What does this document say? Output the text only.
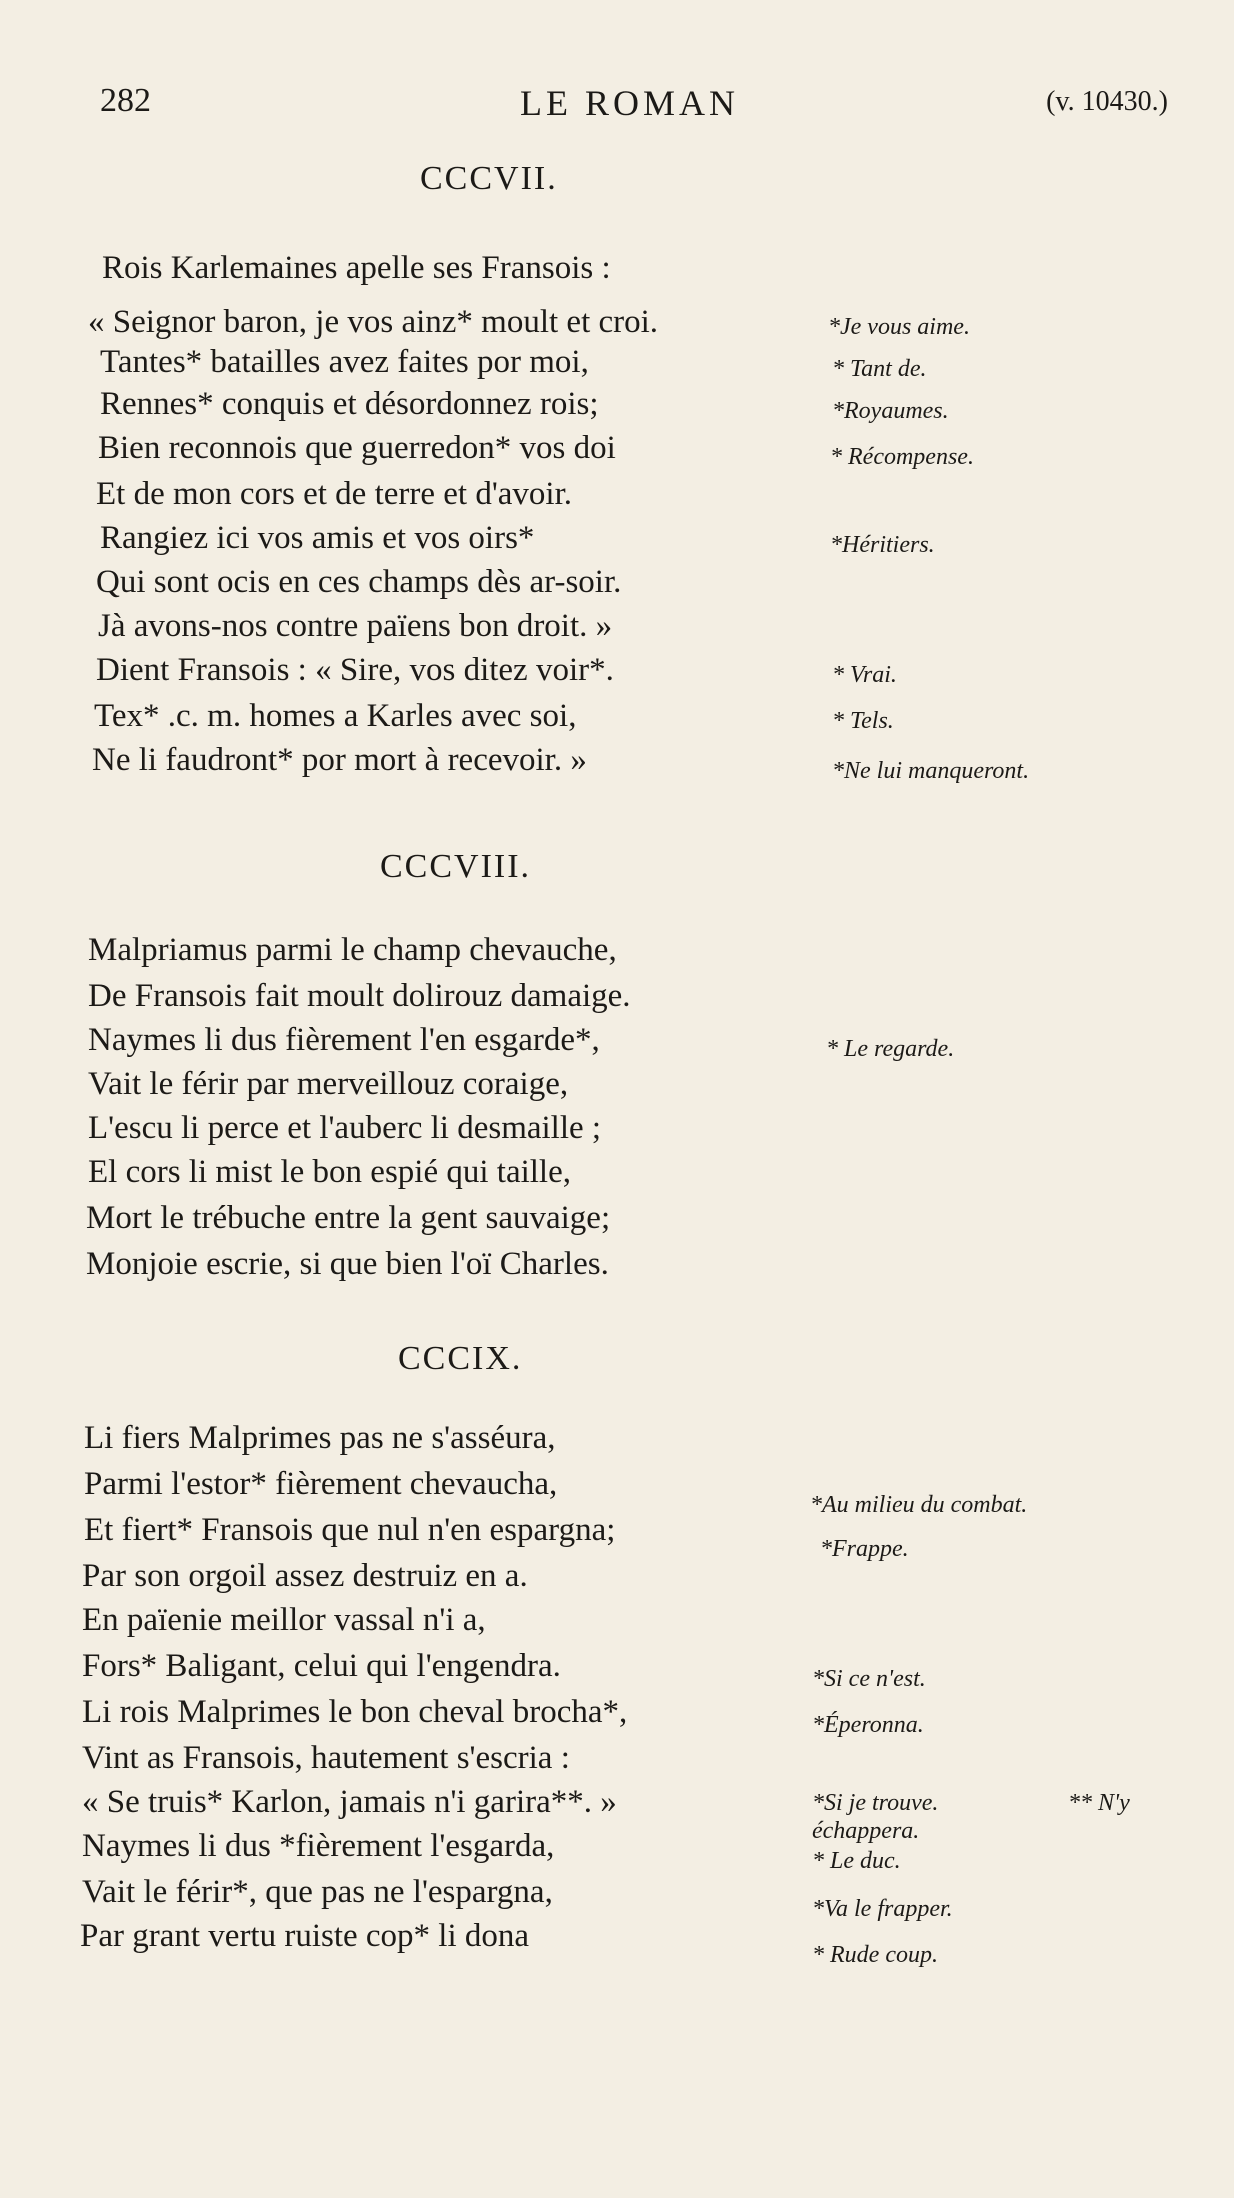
282	LE ROMAN	(v. 10430.)
CCCVII.
Rois Karlemaines apelle ses Fransois :
« Seignor baron, je vos ainz* moult et croi.
Tantes* batailles avez faites por moi,
Rennes* conquis et désordonnez rois;
Bien reconnois que guerredon* vos doi
Et de mon cors et de terre et d'avoir.
Rangiez ici vos amis et vos oirs*
Qui sont ocis en ces champs dès ar-soir.
Jà avons-nos contre païens bon droit. »
Dient Fransois : « Sire, vos ditez voir*.
Tex* .c. m. homes a Karles avec soi,
Ne li faudront* por mort à recevoir. »
*Je vous aime.
* Tant de.
*Royaumes.
* Récompense.
*Héritiers.
* Vrai.
* Tels.
*Ne lui manqueront.
CCCVIII.
Malpriamus parmi le champ chevauche,
De Fransois fait moult dolirouz damaige.
Naymes li dus fièrement l'en esgarde*,
Vait le férir par merveillouz coraige,
L'escu li perce et l'auberc li desmaille ;
El cors li mist le bon espié qui taille,
Mort le trébuche entre la gent sauvaige;
Monjoie escrie, si que bien l'oï Charles.
* Le regarde.
CCCIX.
Li fiers Malprimes pas ne s'asséura,
Parmi l'estor* fièrement chevaucha,
Et fiert* Fransois que nul n'en espargna;
Par son orgoil assez destruiz en a.
En païenie meillor vassal n'i a,
Fors* Baligant, celui qui l'engendra.
Li rois Malprimes le bon cheval brocha*,
Vint as Fransois, hautement s'escria :
« Se truis* Karlon, jamais n'i garira**. »
Naymes li dus *fièrement l'esgarda,
Vait le férir*, que pas ne l'espargna,
Par grant vertu ruiste cop* li dona
*Au milieu du combat.
*Frappe.
*Si ce n'est.
*Éperonna.
*Si je trouve.	** N'y
échappera.
* Le duc.
*Va le frapper.
* Rude coup.
